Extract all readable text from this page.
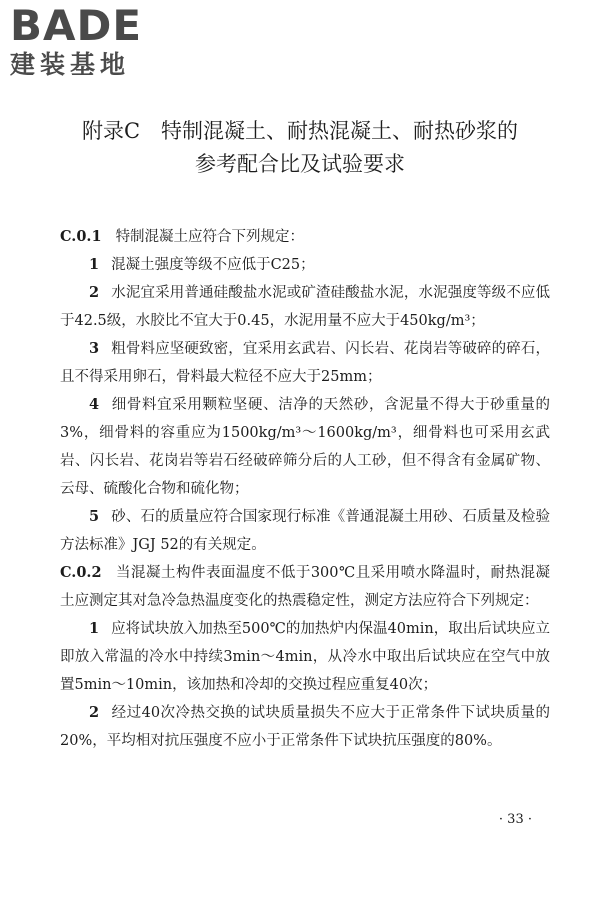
BADE
建装基地
附录C　特制混凝土、耐热混凝土、耐热砂浆的
参考配合比及试验要求

C.0.1 特制混凝土应符合下列规定：

1 混凝土强度等级不应低于C25；

2 水泥宜采用普通硅酸盐水泥或矿渣硅酸盐水泥，水泥强度等级不应低于42.5级，水胶比不宜大于0.45，水泥用量不应大于450kg/m³；

3 粗骨料应坚硬致密，宜采用玄武岩、闪长岩、花岗岩等破碎的碎石，且不得采用卵石，骨料最大粒径不应大于25mm；

4 细骨料宜采用颗粒坚硬、洁净的天然砂，含泥量不得大于砂重量的3%，细骨料的容重应为1500kg/m³～1600kg/m³，细骨料也可采用玄武岩、闪长岩、花岗岩等岩石经破碎筛分后的人工砂，但不得含有金属矿物、云母、硫酸化合物和硫化物；

5 砂、石的质量应符合国家现行标准《普通混凝土用砂、石质量及检验方法标准》JGJ 52的有关规定。

C.0.2 当混凝土构件表面温度不低于300℃且采用喷水降温时，耐热混凝土应测定其对急冷急热温度变化的热震稳定性，测定方法应符合下列规定：

1 应将试块放入加热至500℃的加热炉内保温40min，取出后试块应立即放入常温的冷水中持续3min～4min，从冷水中取出后试块应在空气中放置5min～10min，该加热和冷却的交换过程应重复40次；

2 经过40次冷热交换的试块质量损失不应大于正常条件下试块质量的20%，平均相对抗压强度不应小于正常条件下试块抗压强度的80%。

· 33 ·
